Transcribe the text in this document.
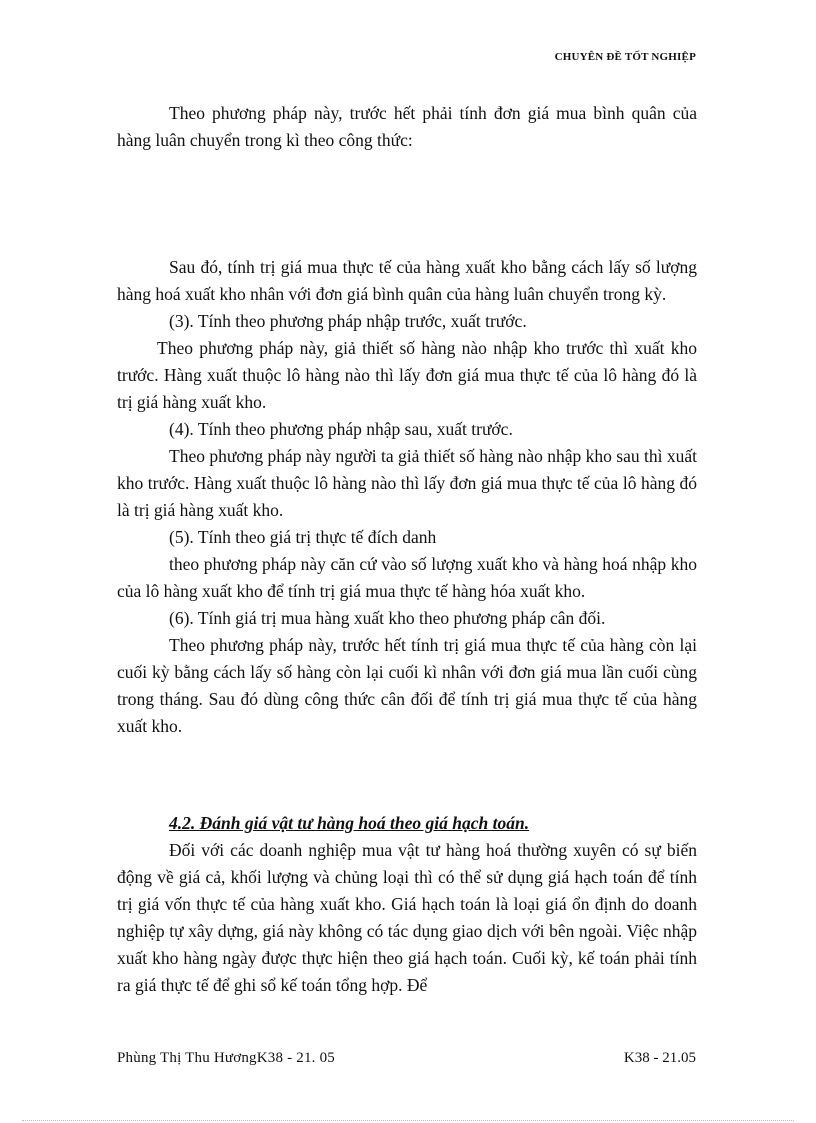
CHUYÊN ĐỀ TỐT NGHIỆP

Theo phương pháp này, trước hết phải tính đơn giá mua bình quân của hàng luân chuyển trong kì theo công thức:

Sau đó, tính trị giá mua thực tế của hàng xuất kho bằng cách lấy số lượng hàng hoá xuất kho nhân với đơn giá bình quân của hàng luân chuyển trong kỳ.

(3). Tính theo phương pháp nhập trước, xuất trước.

Theo phương pháp này, giả thiết số hàng nào nhập kho trước thì xuất kho trước. Hàng xuất thuộc lô hàng nào thì lấy đơn giá mua thực tế của lô hàng đó là trị giá hàng xuất kho.

(4). Tính theo phương pháp nhập sau, xuất trước.

Theo phương pháp này người ta giả thiết số hàng nào nhập kho sau thì xuất kho trước. Hàng xuất thuộc lô hàng nào thì lấy đơn giá mua thực tế của lô hàng đó là trị giá hàng xuất kho.

(5). Tính theo giá trị thực tế đích danh

theo phương pháp này căn cứ vào số lượng xuất kho và hàng hoá nhập kho của lô hàng xuất kho để tính trị giá mua thực tế hàng hóa xuất kho.

(6). Tính giá trị mua hàng xuất kho theo phương pháp cân đối.

Theo phương pháp này, trước hết tính trị giá mua thực tế của hàng còn lại cuối kỳ bằng cách lấy số hàng còn lại cuối kì nhân với đơn giá mua lần cuối cùng trong tháng. Sau đó dùng công thức cân đối để tính trị giá mua thực tế của hàng xuất kho.

4.2. Đánh giá vật tư hàng hoá theo giá hạch toán.

Đối với các doanh nghiệp mua vật tư hàng hoá thường xuyên có sự biến động về giá cả, khối lượng và chủng loại thì có thể sử dụng giá hạch toán để tính trị giá vốn thực tế của hàng xuất kho. Giá hạch toán là loại giá ổn định do doanh nghiệp tự xây dựng, giá này không có tác dụng giao dịch với bên ngoài. Việc nhập xuất kho hàng ngày được thực hiện theo giá hạch toán. Cuối kỳ, kế toán phải tính ra giá thực tế để ghi sổ kế toán tổng hợp. Để

Phùng Thị Thu HươngK38 - 21. 05	K38 - 21.05
